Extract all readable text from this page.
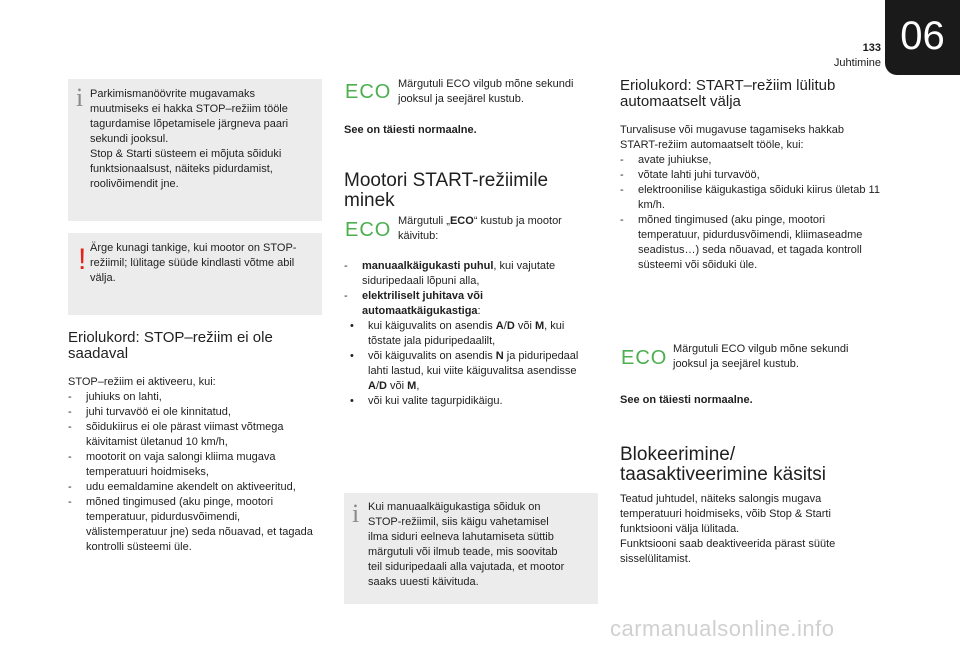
133
Juhtimine
06
i Parkimismanöövrite mugavamaks
muutmiseks ei hakka STOP–režiim tööle
tagurdamise lõpetamisele järgneva paari
sekundi jooksul.
Stop & Starti süsteem ei mõjuta sõiduki
funktsionaalsust, näiteks pidurdamist,
roolivõimendit jne.
! Ärge kunagi tankige, kui mootor on STOP-
režiimil; lülitage süüde kindlasti võtme abil
välja.
Eriolukord: STOP–režiim ei ole
saadaval
STOP–režiim ei aktiveeru, kui:
- juhiuks on lahti,
- juhi turvavöö ei ole kinnitatud,
- sõidukiirus ei ole pärast viimast võtmega käivitamist ületanud 10 km/h,
- mootorit on vaja salongi kliima mugava temperatuuri hoidmiseks,
- udu eemaldamine akendelt on aktiveeritud,
- mõned tingimused (aku pinge, mootori temperatuur, pidurdusvõimendi, välistemperatuur jne) seda nõuavad, et tagada kontrolli süsteemi üle.
ECO Märgutuli ECO vilgub mõne sekundi
jooksul ja seejärel kustub.
See on täiesti normaalne.
Mootori START-režiimile
minek
ECO Märgutuli „ECO“ kustub ja mootor
käivitub:
- manuaalkäigukasti puhul, kui vajutate siduripedaali lõpuni alla,
- elektriliselt juhitava või automaatkäigukastiga:
• kui käiguvalits on asendis A/D või M, kui tõstate jala piduripedaalilt,
• või käiguvalits on asendis N ja piduripedaal lahti lastud, kui viite käiguvalitsa asendisse A/D või M,
• või kui valite tagurpidikäigu.
i Kui manuaalkäigukastiga sõiduk on
STOP-režiimil, siis käigu vahetamisel
ilma siduri eelneva lahutamiseta süttib
märgutuli või ilmub teade, mis soovitab
teil siduripedaali alla vajutada, et mootor
saaks uuesti käivituda.
Eriolukord: START–režiim lülitub
automaatselt välja
Turvalisuse või mugavuse tagamiseks hakkab
START-režiim automaatselt tööle, kui:
- avate juhiukse,
- võtate lahti juhi turvavöö,
- elektroonilise käigukastiga sõiduki kiirus ületab 11 km/h.
- mõned tingimused (aku pinge, mootori temperatuur, pidurdusvõimendi, kliimaseadme seadistus…) seda nõuavad, et tagada kontroll süsteemi või sõiduki üle.
ECO Märgutuli ECO vilgub mõne sekundi
jooksul ja seejärel kustub.
See on täiesti normaalne.
Blokeerimine/
taasaktiveerimine käsitsi
Teatud juhtudel, näiteks salongis mugava
temperatuuri hoidmiseks, võib Stop & Starti
funktsiooni välja lülitada.
Funktsiooni saab deaktiveerida pärast süüte
sisselülitamist.
carmanualsonline.info
